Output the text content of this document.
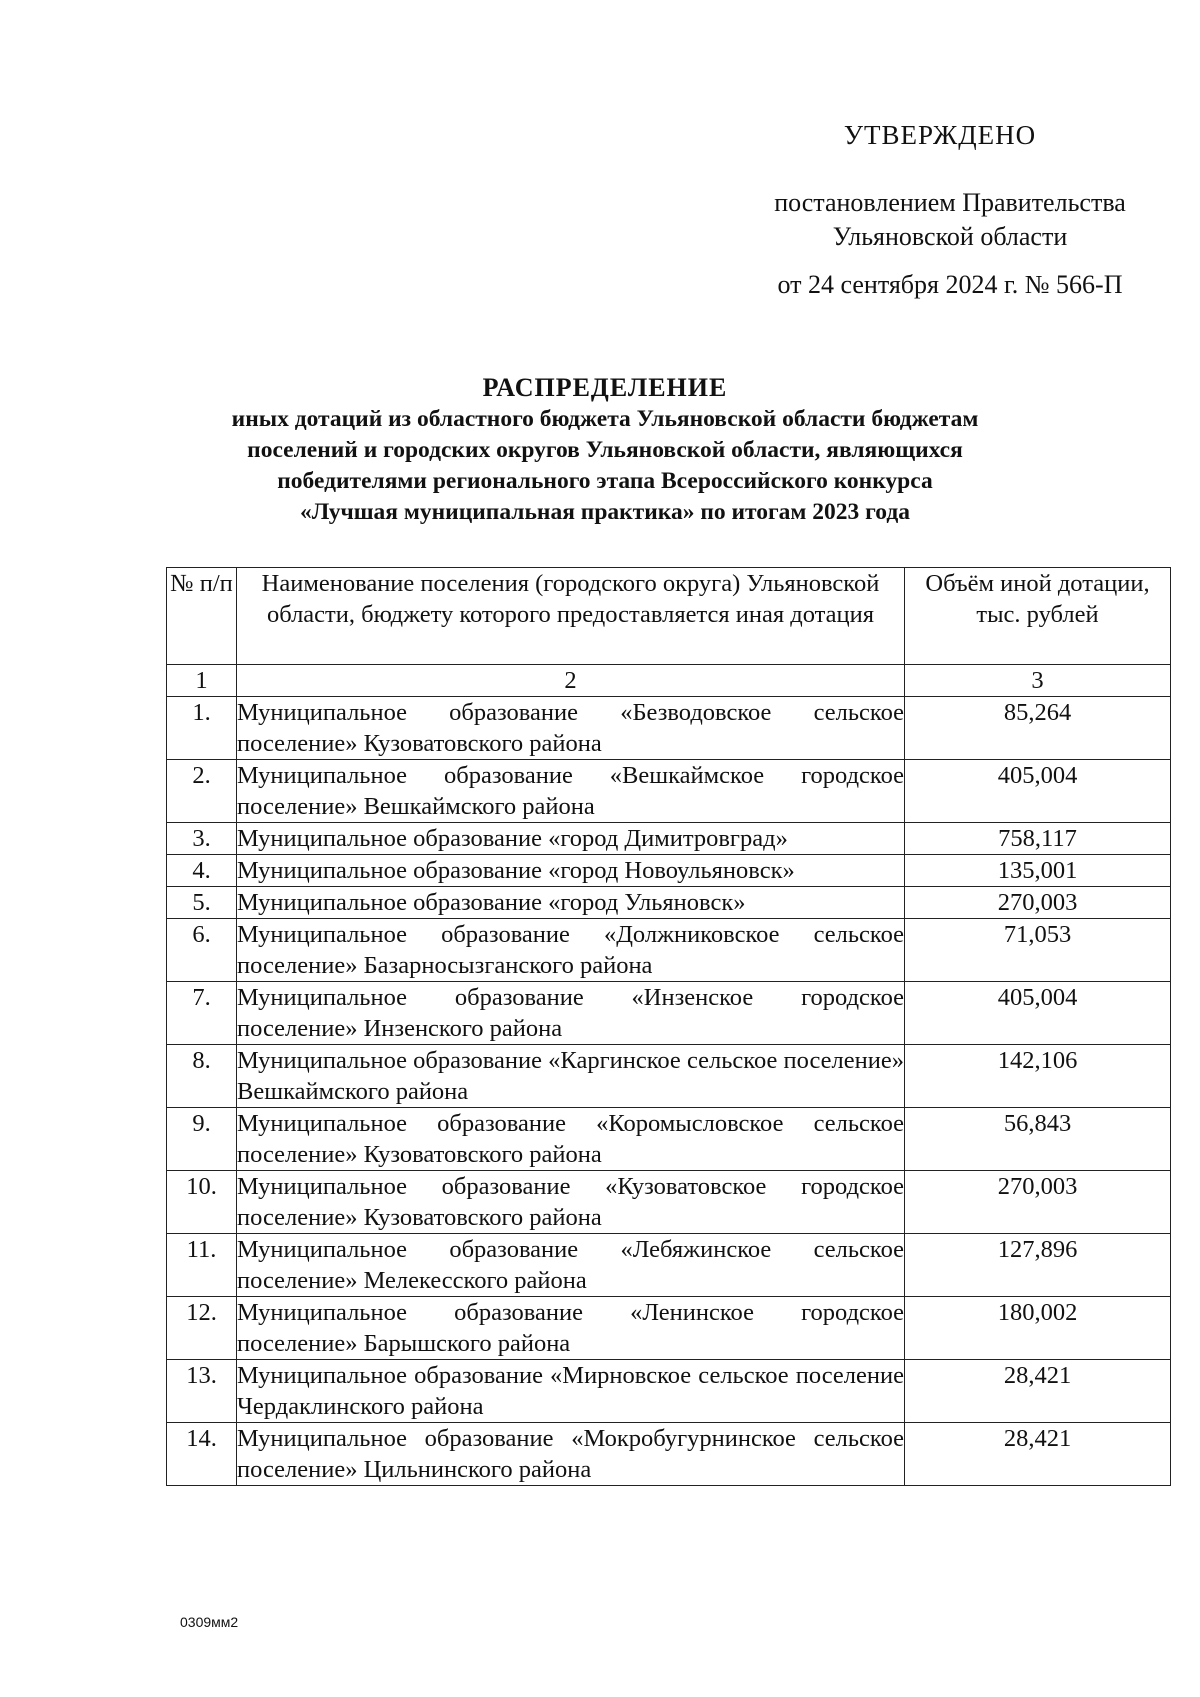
УТВЕРЖДЕНО
постановлением Правительства
Ульяновской области
от 24 сентября 2024 г. № 566-П
РАСПРЕДЕЛЕНИЕ
иных дотаций из областного бюджета Ульяновской области бюджетам
поселений и городских округов Ульяновской области, являющихся
победителями регионального этапа Всероссийского конкурса
«Лучшая муниципальная практика» по итогам 2023 года
№ п/п	Наименование поселения (городского округа) Ульяновской области, бюджету которого предоставляется иная дотация	Объём иной дотации, тыс. рублей
1	2	3
1.	Муниципальное образование «Безводовское сельское поселение» Кузоватовского района	85,264
2.	Муниципальное образование «Вешкаймское городское поселение» Вешкаймского района	405,004
3.	Муниципальное образование «город Димитровград»	758,117
4.	Муниципальное образование «город Новоульяновск»	135,001
5.	Муниципальное образование «город Ульяновск»	270,003
6.	Муниципальное образование «Должниковское сельское поселение» Базарносызганского района	71,053
7.	Муниципальное образование «Инзенское городское поселение» Инзенского района	405,004
8.	Муниципальное образование «Каргинское сельское поселение» Вешкаймского района	142,106
9.	Муниципальное образование «Коромысловское сельское поселение» Кузоватовского района	56,843
10.	Муниципальное образование «Кузоватовское городское поселение» Кузоватовского района	270,003
11.	Муниципальное образование «Лебяжинское сельское поселение» Мелекесского района	127,896
12.	Муниципальное образование «Ленинское городское поселение» Барышского района	180,002
13.	Муниципальное образование «Мирновское сельское поселение Чердаклинского района	28,421
14.	Муниципальное образование «Мокробугурнинское сельское поселение» Цильнинского района	28,421
0309мм2
